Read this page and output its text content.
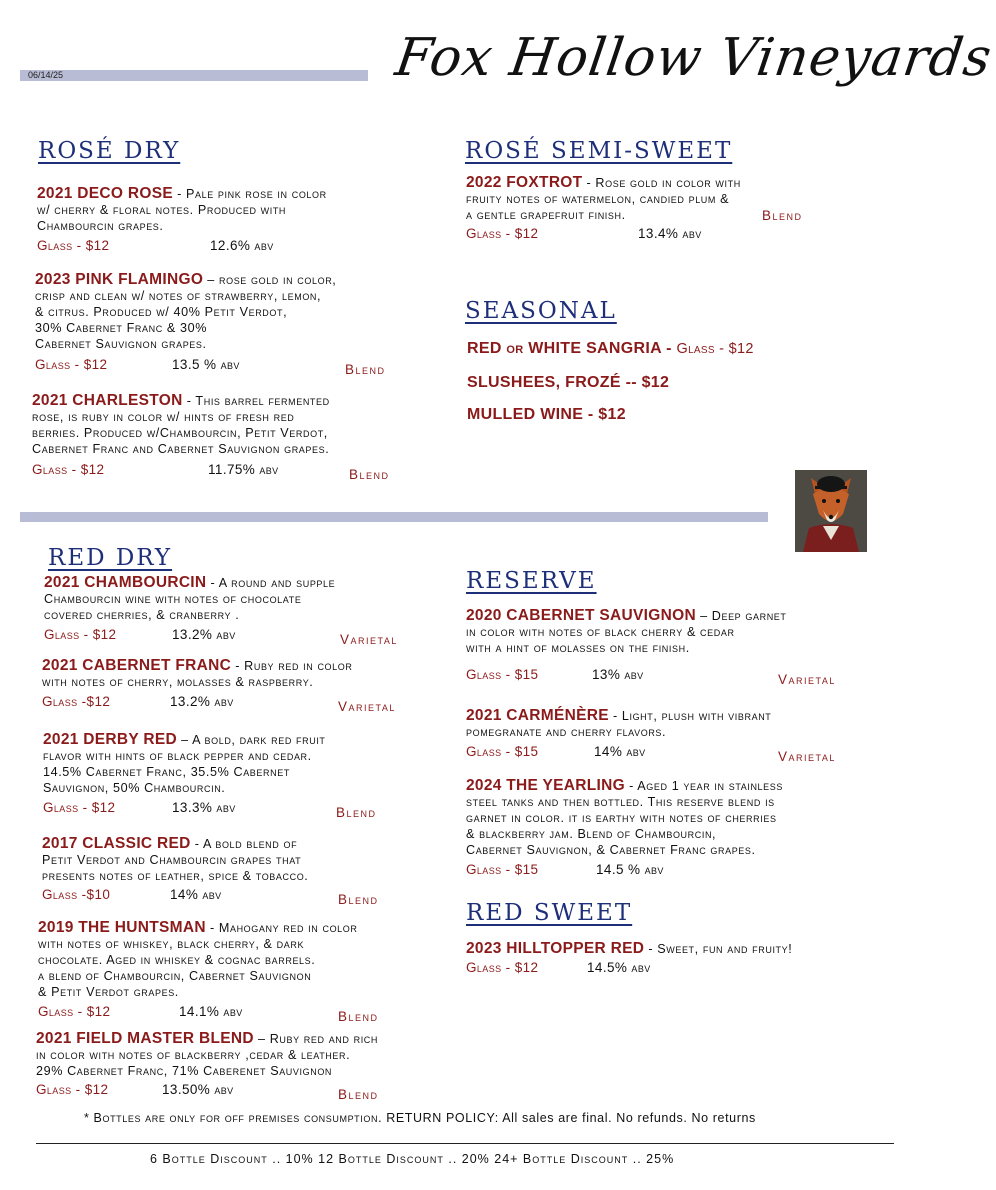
06/14/25	Fox Hollow Vineyards
ROSÉ DRY	ROSÉ SEMI-SWEET
SEASONAL
RED DRY
RESERVE
RED SWEET
RED or WHITE SANGRIA - Glass - $12
SLUSHEES, FROZÉ -- $12
MULLED WINE - $12
2021 DECO ROSE - Pale pink rose in color
w/ cherry & floral notes. Produced with
Chambourcin grapes.
Glass - $12	12.6% abv
2023 PINK FLAMINGO – rose gold in color,
crisp and clean w/ notes of strawberry, lemon,
& citrus. Produced w/ 40% Petit Verdot,
30% Cabernet Franc & 30%
Cabernet Sauvignon grapes.
Glass - $12	13.5 % abv	Blend
2021 CHARLESTON - This barrel fermented
rose, is ruby in color w/ hints of fresh red
berries. Produced w/Chambourcin, Petit Verdot,
Cabernet Franc and Cabernet Sauvignon grapes.
Glass - $12	11.75% abv	Blend
2022 FOXTROT - Rose gold in color with
fruity notes of watermelon, candied plum &
a gentle grapefruit finish.
Glass - $12	13.4% abv
Blend
2021 CHAMBOURCIN - A round and supple
Chambourcin wine with notes of chocolate
covered cherries, & cranberry .
Glass - $12	13.2% abv	Varietal
2021 CABERNET FRANC - Ruby red in color
with notes of cherry, molasses & raspberry.
Glass -$12	13.2% abv	Varietal
2021 DERBY RED – A bold, dark red fruit
flavor with hints of black pepper and cedar.
14.5% Cabernet Franc, 35.5% Cabernet
Sauvignon, 50% Chambourcin.
Glass - $12	13.3% abv	Blend
2017 CLASSIC RED - A bold blend of
Petit Verdot and Chambourcin grapes that
presents notes of leather, spice & tobacco.
Glass -$10	14% abv	Blend
2019 THE HUNTSMAN - Mahogany red in color
with notes of whiskey, black cherry, & dark
chocolate. Aged in whiskey & cognac barrels.
a blend of Chambourcin, Cabernet Sauvignon
& Petit Verdot grapes.
Glass - $12	14.1% abv	Blend
2021 FIELD MASTER BLEND – Ruby red and rich
in color with notes of blackberry ,cedar & leather.
29% Cabernet Franc, 71% Caberenet Sauvignon
Glass - $12	13.50% abv	Blend
2020 CABERNET SAUVIGNON – Deep garnet
in color with notes of black cherry & cedar
with a hint of molasses on the finish.
Glass - $15	13% abv	Varietal
2021 CARMÉNÈRE - Light, plush with vibrant
pomegranate and cherry flavors.
Glass - $15	14% abv	Varietal
2024 THE YEARLING - Aged 1 year in stainless
steel tanks and then bottled. This reserve blend is
garnet in color. it is earthy with notes of cherries
& blackberry jam. Blend of Chambourcin,
Cabernet Sauvignon, & Cabernet Franc grapes.
Glass - $15	14.5 % abv
2023 HILLTOPPER RED - Sweet, fun and fruity!
Glass - $12	14.5% abv
* Bottles are only for off premises consumption. RETURN POLICY: All sales are final. No refunds. No returns
6 Bottle Discount .. 10% 12 Bottle Discount .. 20% 24+ Bottle Discount .. 25%
